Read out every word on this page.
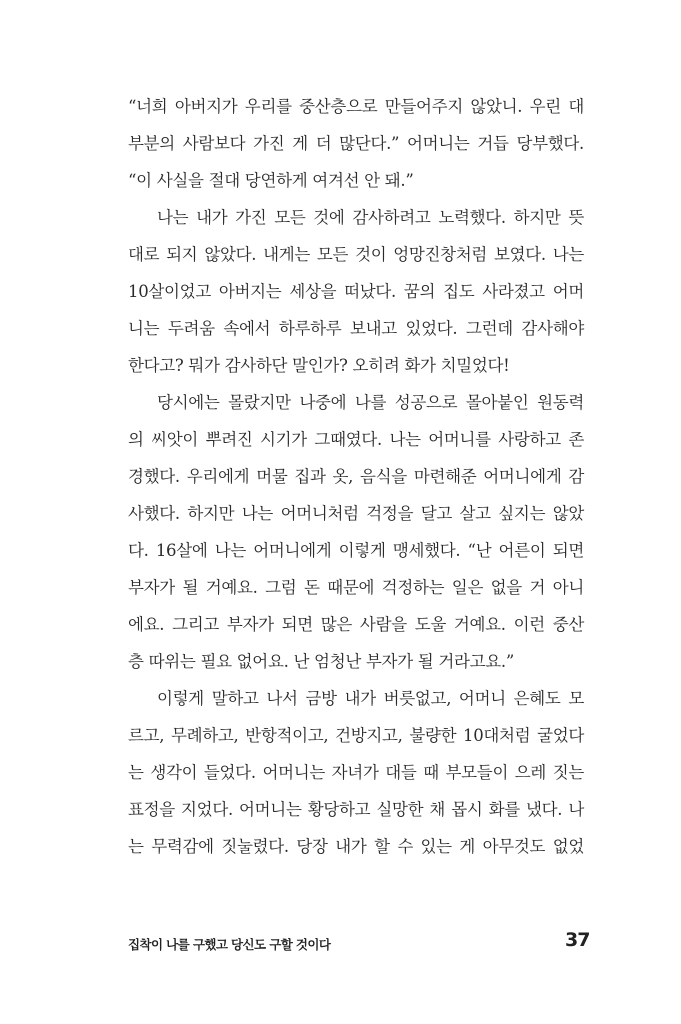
“너희 아버지가 우리를 중산층으로 만들어주지 않았니. 우린 대
부분의 사람보다 가진 게 더 많단다.” 어머니는 거듭 당부했다.
“이 사실을 절대 당연하게 여겨선 안 돼.”
나는 내가 가진 모든 것에 감사하려고 노력했다. 하지만 뜻
대로 되지 않았다. 내게는 모든 것이 엉망진창처럼 보였다. 나는
10살이었고 아버지는 세상을 떠났다. 꿈의 집도 사라졌고 어머
니는 두려움 속에서 하루하루 보내고 있었다. 그런데 감사해야
한다고? 뭐가 감사하단 말인가? 오히려 화가 치밀었다!
당시에는 몰랐지만 나중에 나를 성공으로 몰아붙인 원동력
의 씨앗이 뿌려진 시기가 그때였다. 나는 어머니를 사랑하고 존
경했다. 우리에게 머물 집과 옷, 음식을 마련해준 어머니에게 감
사했다. 하지만 나는 어머니처럼 걱정을 달고 살고 싶지는 않았
다. 16살에 나는 어머니에게 이렇게 맹세했다. “난 어른이 되면
부자가 될 거예요. 그럼 돈 때문에 걱정하는 일은 없을 거 아니
에요. 그리고 부자가 되면 많은 사람을 도울 거예요. 이런 중산
층 따위는 필요 없어요. 난 엄청난 부자가 될 거라고요.”
이렇게 말하고 나서 금방 내가 버릇없고, 어머니 은혜도 모
르고, 무례하고, 반항적이고, 건방지고, 불량한 10대처럼 굴었다
는 생각이 들었다. 어머니는 자녀가 대들 때 부모들이 으레 짓는
표정을 지었다. 어머니는 황당하고 실망한 채 몹시 화를 냈다. 나
는 무력감에 짓눌렸다. 당장 내가 할 수 있는 게 아무것도 없었
집착이 나를 구했고 당신도 구할 것이다	37
